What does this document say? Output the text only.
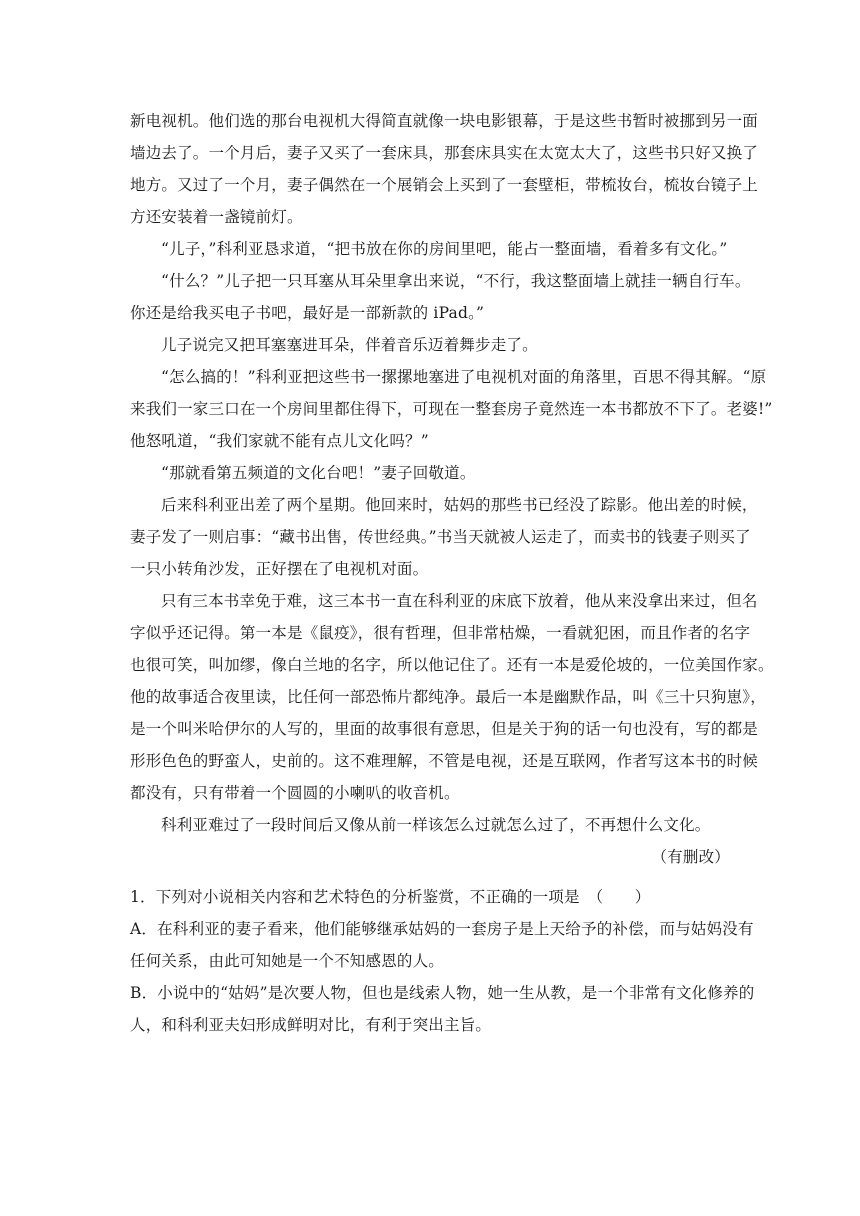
新电视机。他们选的那台电视机大得简直就像一块电影银幕，于是这些书暂时被挪到另一面
墙边去了。一个月后，妻子又买了一套床具，那套床具实在太宽太大了，这些书只好又换了
地方。又过了一个月，妻子偶然在一个展销会上买到了一套壁柜，带梳妆台，梳妆台镜子上
方还安装着一盏镜前灯。
“儿子，”科利亚恳求道，“把书放在你的房间里吧，能占一整面墙，看着多有文化。”
“什么？”儿子把一只耳塞从耳朵里拿出来说，“不行，我这整面墙上就挂一辆自行车。
你还是给我买电子书吧，最好是一部新款的 iPad。”
儿子说完又把耳塞塞进耳朵，伴着音乐迈着舞步走了。
“怎么搞的！”科利亚把这些书一摞摞地塞进了电视机对面的角落里，百思不得其解。“原
来我们一家三口在一个房间里都住得下，可现在一整套房子竟然连一本书都放不下了。老婆!”
他怒吼道，“我们家就不能有点儿文化吗？”
“那就看第五频道的文化台吧！”妻子回敬道。
后来科利亚出差了两个星期。他回来时，姑妈的那些书已经没了踪影。他出差的时候，
妻子发了一则启事：“藏书出售，传世经典。”书当天就被人运走了，而卖书的钱妻子则买了
一只小转角沙发，正好摆在了电视机对面。
只有三本书幸免于难，这三本书一直在科利亚的床底下放着，他从来没拿出来过，但名
字似乎还记得。第一本是《鼠疫》，很有哲理，但非常枯燥，一看就犯困，而且作者的名字
也很可笑，叫加缪，像白兰地的名字，所以他记住了。还有一本是爱伦坡的，一位美国作家。
他的故事适合夜里读，比任何一部恐怖片都纯净。最后一本是幽默作品，叫《三十只狗崽》，
是一个叫米哈伊尔的人写的，里面的故事很有意思，但是关于狗的话一句也没有，写的都是
形形色色的野蛮人，史前的。这不难理解，不管是电视，还是互联网，作者写这本书的时候
都没有，只有带着一个圆圆的小喇叭的收音机。
科利亚难过了一段时间后又像从前一样该怎么过就怎么过了，不再想什么文化。
（有删改）
1．下列对小说相关内容和艺术特色的分析鉴赏，不正确的一项是　（　　）
A．在科利亚的妻子看来，他们能够继承姑妈的一套房子是上天给予的补偿，而与姑妈没有
任何关系，由此可知她是一个不知感恩的人。
B．小说中的“姑妈”是次要人物，但也是线索人物，她一生从教，是一个非常有文化修养的
人，和科利亚夫妇形成鲜明对比，有利于突出主旨。
